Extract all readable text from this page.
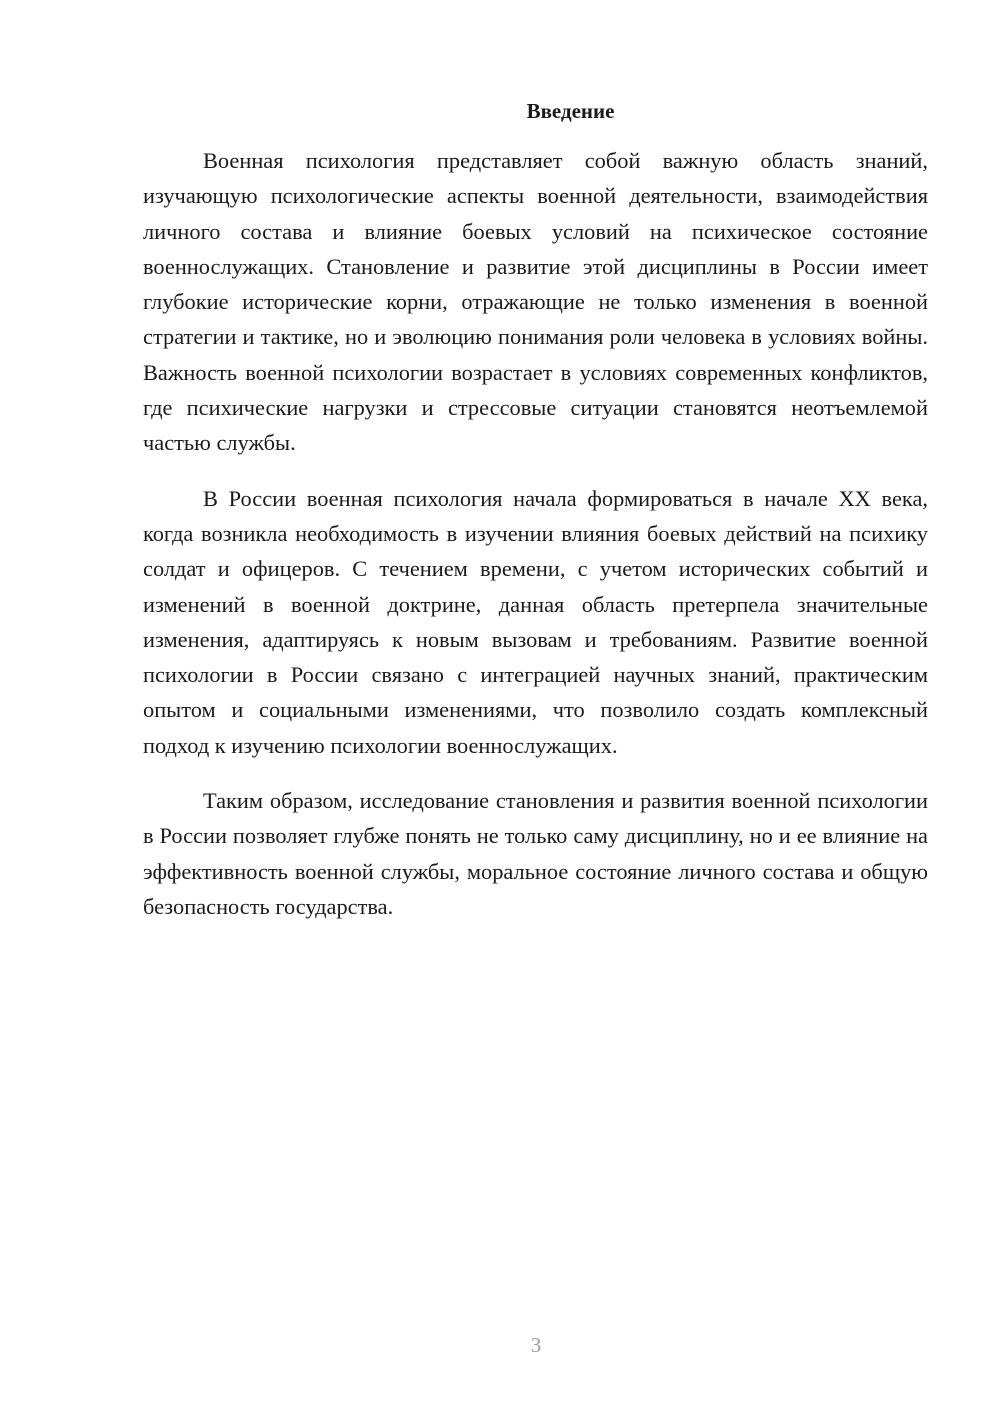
Введение

Военная психология представляет собой важную область знаний, изучающую психологические аспекты военной деятельности, взаимодействия личного состава и влияние боевых условий на психическое состояние военнослужащих. Становление и развитие этой дисциплины в России имеет глубокие исторические корни, отражающие не только изменения в военной стратегии и тактике, но и эволюцию понимания роли человека в условиях войны. Важность военной психологии возрастает в условиях современных конфликтов, где психические нагрузки и стрессовые ситуации становятся неотъемлемой частью службы.

В России военная психология начала формироваться в начале XX века, когда возникла необходимость в изучении влияния боевых действий на психику солдат и офицеров. С течением времени, с учетом исторических событий и изменений в военной доктрине, данная область претерпела значительные изменения, адаптируясь к новым вызовам и требованиям. Развитие военной психологии в России связано с интеграцией научных знаний, практическим опытом и социальными изменениями, что позволило создать комплексный подход к изучению психологии военнослужащих.

Таким образом, исследование становления и развития военной психологии в России позволяет глубже понять не только саму дисциплину, но и ее влияние на эффективность военной службы, моральное состояние личного состава и общую безопасность государства.

3
